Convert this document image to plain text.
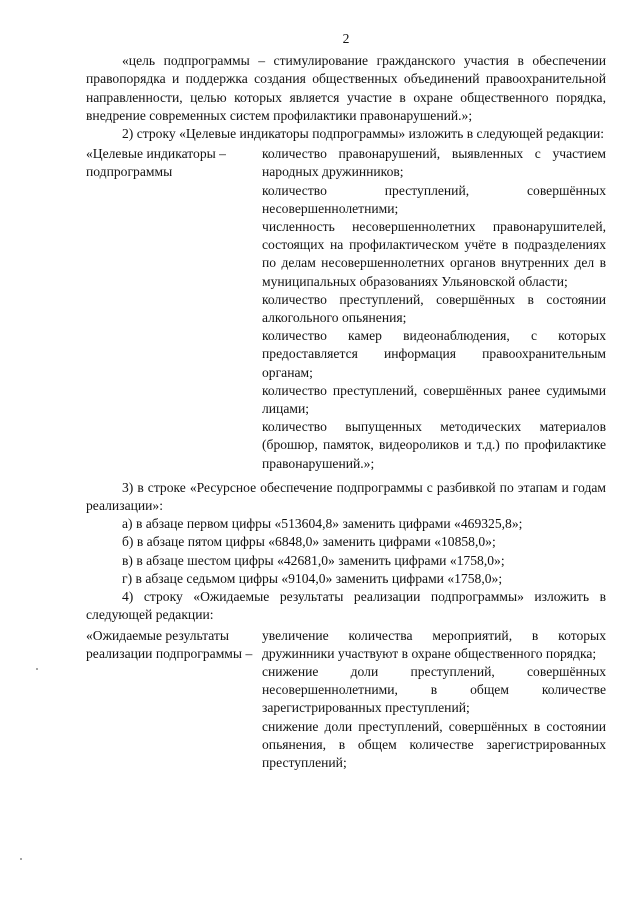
2

«цель подпрограммы – стимулирование гражданского участия в обеспечении правопорядка и поддержка создания общественных объединений правоохранительной направленности, целью которых является участие в охране общественного порядка, внедрение современных систем профилактики правонарушений.»;

2) строку «Целевые индикаторы подпрограммы» изложить в следующей редакции:

«Целевые индикаторы – подпрограммы

количество правонарушений, выявленных с участием народных дружинников;

количество преступлений, совершённых несовершеннолетними;

численность несовершеннолетних правонарушителей, состоящих на профилактическом учёте в подразделениях по делам несовершеннолетних органов внутренних дел в муниципальных образованиях Ульяновской области;

количество преступлений, совершённых в состоянии алкогольного опьянения;

количество камер видеонаблюдения, с которых предоставляется информация правоохранительным органам;

количество преступлений, совершённых ранее судимыми лицами;

количество выпущенных методических материалов (брошюр, памяток, видеороликов и т.д.) по профилактике правонарушений.»;

3) в строке «Ресурсное обеспечение подпрограммы с разбивкой по этапам и годам реализации»:

а) в абзаце первом цифры «513604,8» заменить цифрами «469325,8»;

б) в абзаце пятом цифры «6848,0» заменить цифрами «10858,0»;

в) в абзаце шестом цифры «42681,0» заменить цифрами «1758,0»;

г) в абзаце седьмом цифры «9104,0» заменить цифрами «1758,0»;

4) строку «Ожидаемые результаты реализации подпрограммы» изложить в следующей редакции:

«Ожидаемые результаты реализации подпрограммы –

увеличение количества мероприятий, в которых дружинники участвуют в охране общественного порядка;

снижение доли преступлений, совершённых несовершеннолетними, в общем количестве зарегистрированных преступлений;

снижение доли преступлений, совершённых в состоянии опьянения, в общем количестве зарегистрированных преступлений;
